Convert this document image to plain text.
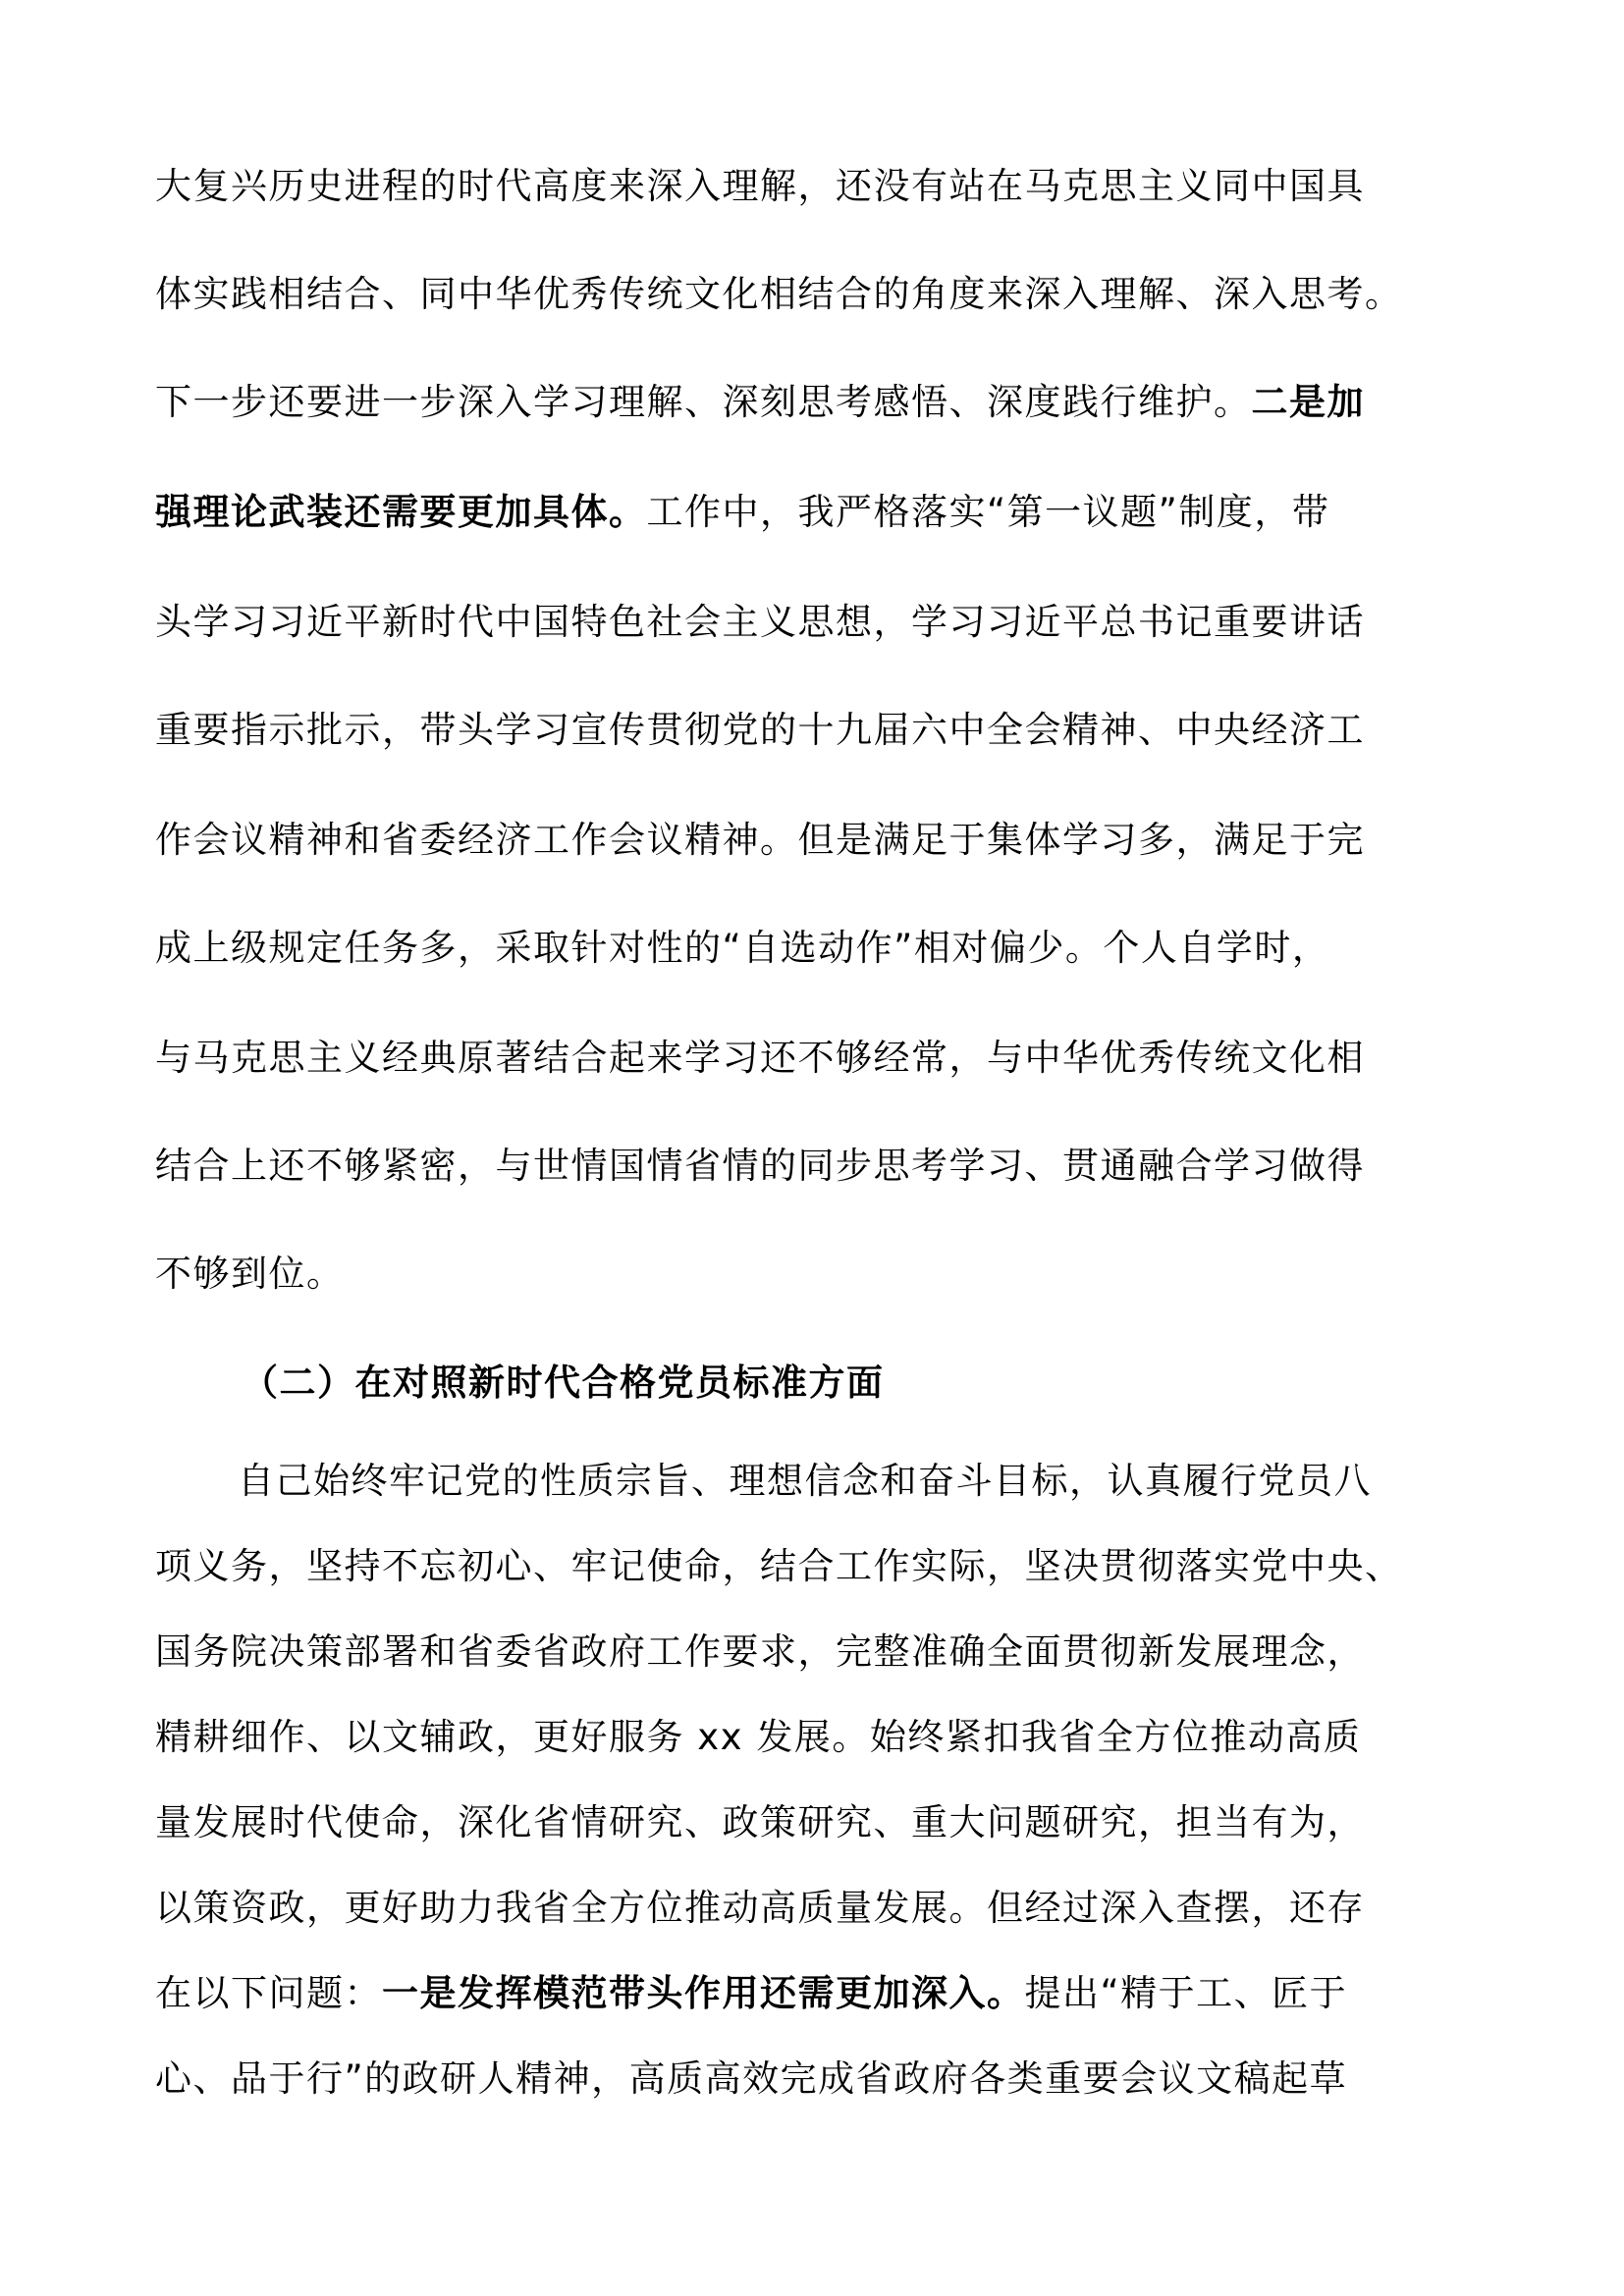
大复兴历史进程的时代高度来深入理解，还没有站在马克思主义同中国具
体实践相结合、同中华优秀传统文化相结合的角度来深入理解、深入思考。
下一步还要进一步深入学习理解、深刻思考感悟、深度践行维护。二是加
强理论武装还需要更加具体。工作中，我严格落实“第一议题”制度，带
头学习习近平新时代中国特色社会主义思想，学习习近平总书记重要讲话
重要指示批示，带头学习宣传贯彻党的十九届六中全会精神、中央经济工
作会议精神和省委经济工作会议精神。但是满足于集体学习多，满足于完
成上级规定任务多，采取针对性的“自选动作”相对偏少。个人自学时，
与马克思主义经典原著结合起来学习还不够经常，与中华优秀传统文化相
结合上还不够紧密，与世情国情省情的同步思考学习、贯通融合学习做得
不够到位。
（二）在对照新时代合格党员标准方面
自己始终牢记党的性质宗旨、理想信念和奋斗目标，认真履行党员八
项义务，坚持不忘初心、牢记使命，结合工作实际，坚决贯彻落实党中央、
国务院决策部署和省委省政府工作要求，完整准确全面贯彻新发展理念，
精耕细作、以文辅政，更好服务 xx 发展。始终紧扣我省全方位推动高质
量发展时代使命，深化省情研究、政策研究、重大问题研究，担当有为，
以策资政，更好助力我省全方位推动高质量发展。但经过深入查摆，还存
在以下问题：一是发挥模范带头作用还需更加深入。提出“精于工、匠于
心、品于行”的政研人精神，高质高效完成省政府各类重要会议文稿起草
